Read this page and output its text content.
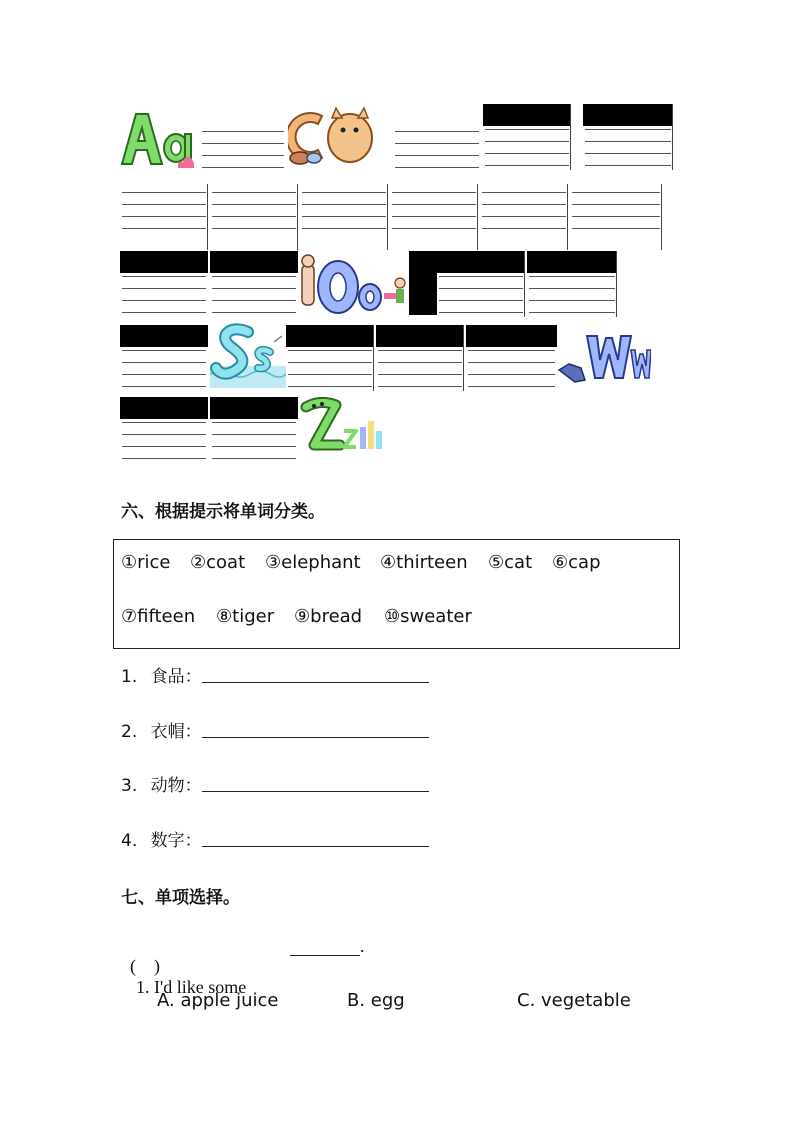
六、根据提示将单词分类。
①rice ②coat ③elephant ④thirteen ⑤cat ⑥cap
⑦fifteen ⑧tiger ⑨bread ⑩sweater
1. 食品：
2. 衣帽：
3. 动物：
4. 数字：
七、单项选择。

(    )
1. I'd like some

.
A. apple juice	B. egg	C. vegetable
